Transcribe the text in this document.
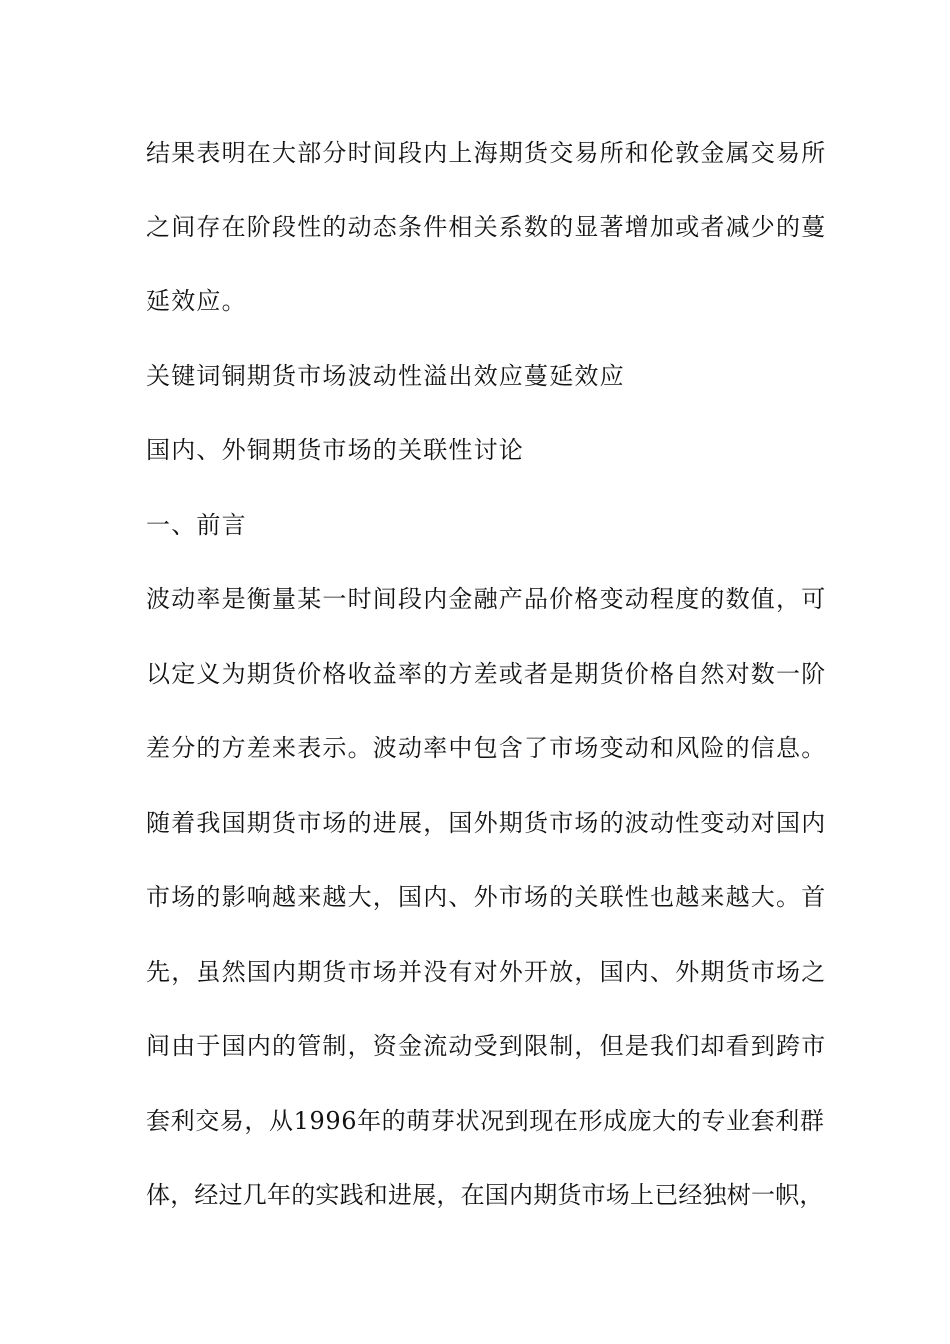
结果表明在大部分时间段内上海期货交易所和伦敦金属交易所
之间存在阶段性的动态条件相关系数的显著增加或者减少的蔓
延效应。
关键词铜期货市场波动性溢出效应蔓延效应
国内、外铜期货市场的关联性讨论
一、前言
波动率是衡量某一时间段内金融产品价格变动程度的数值，可
以定义为期货价格收益率的方差或者是期货价格自然对数一阶
差分的方差来表示。波动率中包含了市场变动和风险的信息。
随着我国期货市场的进展，国外期货市场的波动性变动对国内
市场的影响越来越大，国内、外市场的关联性也越来越大。首
先，虽然国内期货市场并没有对外开放，国内、外期货市场之
间由于国内的管制，资金流动受到限制，但是我们却看到跨市
套利交易，从1996年的萌芽状况到现在形成庞大的专业套利群
体，经过几年的实践和进展，在国内期货市场上已经独树一帜，
